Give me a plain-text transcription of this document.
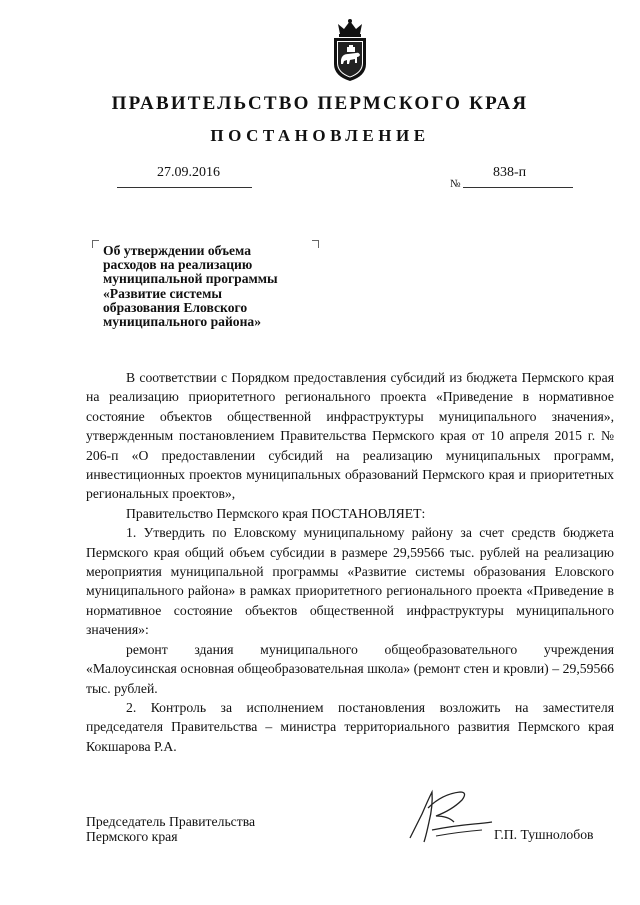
ПРАВИТЕЛЬСТВО ПЕРМСКОГО КРАЯ
ПОСТАНОВЛЕНИЕ
27.09.2016
№
838-п
Об утверждении объема
расходов на реализацию
муниципальной программы
«Развитие системы
образования Еловского
муниципального района»

В соответствии с Порядком предоставления субсидий из бюджета Пермского края на реализацию приоритетного регионального проекта «Приведение в нормативное состояние объектов общественной инфраструктуры муниципального значения», утвержденным постановлением Правительства Пермского края от 10 апреля 2015 г. № 206-п «О предоставлении субсидий на реализацию муниципальных программ, инвестиционных проектов муниципальных образований Пермского края и приоритетных региональных проектов»,

Правительство Пермского края ПОСТАНОВЛЯЕТ:

1. Утвердить по Еловскому муниципальному району за счет средств бюджета Пермского края общий объем субсидии в размере 29,59566 тыс. рублей на реализацию мероприятия муниципальной программы «Развитие системы образования Еловского муниципального района» в рамках приоритетного регионального проекта «Приведение в нормативное состояние объектов общественной инфраструктуры муниципального значения»:

ремонт здания муниципального общеобразовательного учреждения «Малоусинская основная общеобразовательная школа» (ремонт стен и кровли) – 29,59566 тыс. рублей.

2. Контроль за исполнением постановления возложить на заместителя председателя Правительства – министра территориального развития Пермского края Кокшарова Р.А.

Председатель Правительства
Пермского края	Г.П. Тушнолобов
